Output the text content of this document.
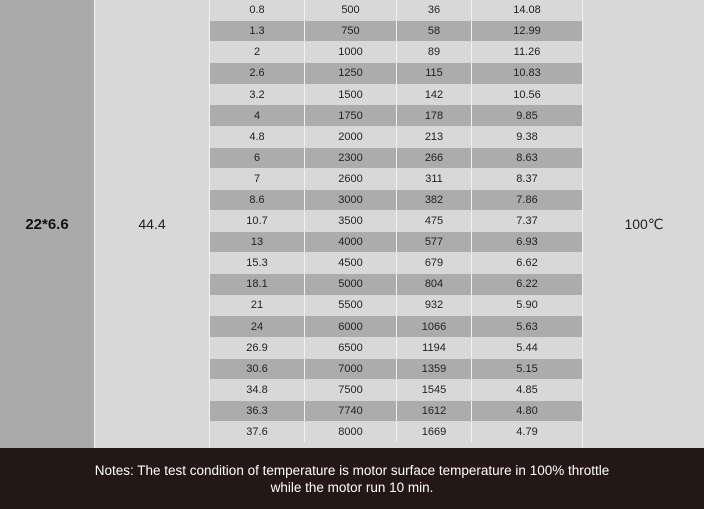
22*6.6	44.4
0.8	500	36	14.08
1.3	750	58	12.99
2	1000	89	11.26
2.6	1250	115	10.83
3.2	1500	142	10.56
4	1750	178	9.85
4.8	2000	213	9.38
6	2300	266	8.63
7	2600	311	8.37
8.6	3000	382	7.86
10.7	3500	475	7.37
13	4000	577	6.93
15.3	4500	679	6.62
18.1	5000	804	6.22
21	5500	932	5.90
24	6000	1066	5.63
26.9	6500	1194	5.44
30.6	7000	1359	5.15
34.8	7500	1545	4.85
36.3	7740	1612	4.80
37.6	8000	1669	4.79
100℃
Notes: The test condition of temperature is motor surface temperature in 100% throttle
while the motor run 10 min.
